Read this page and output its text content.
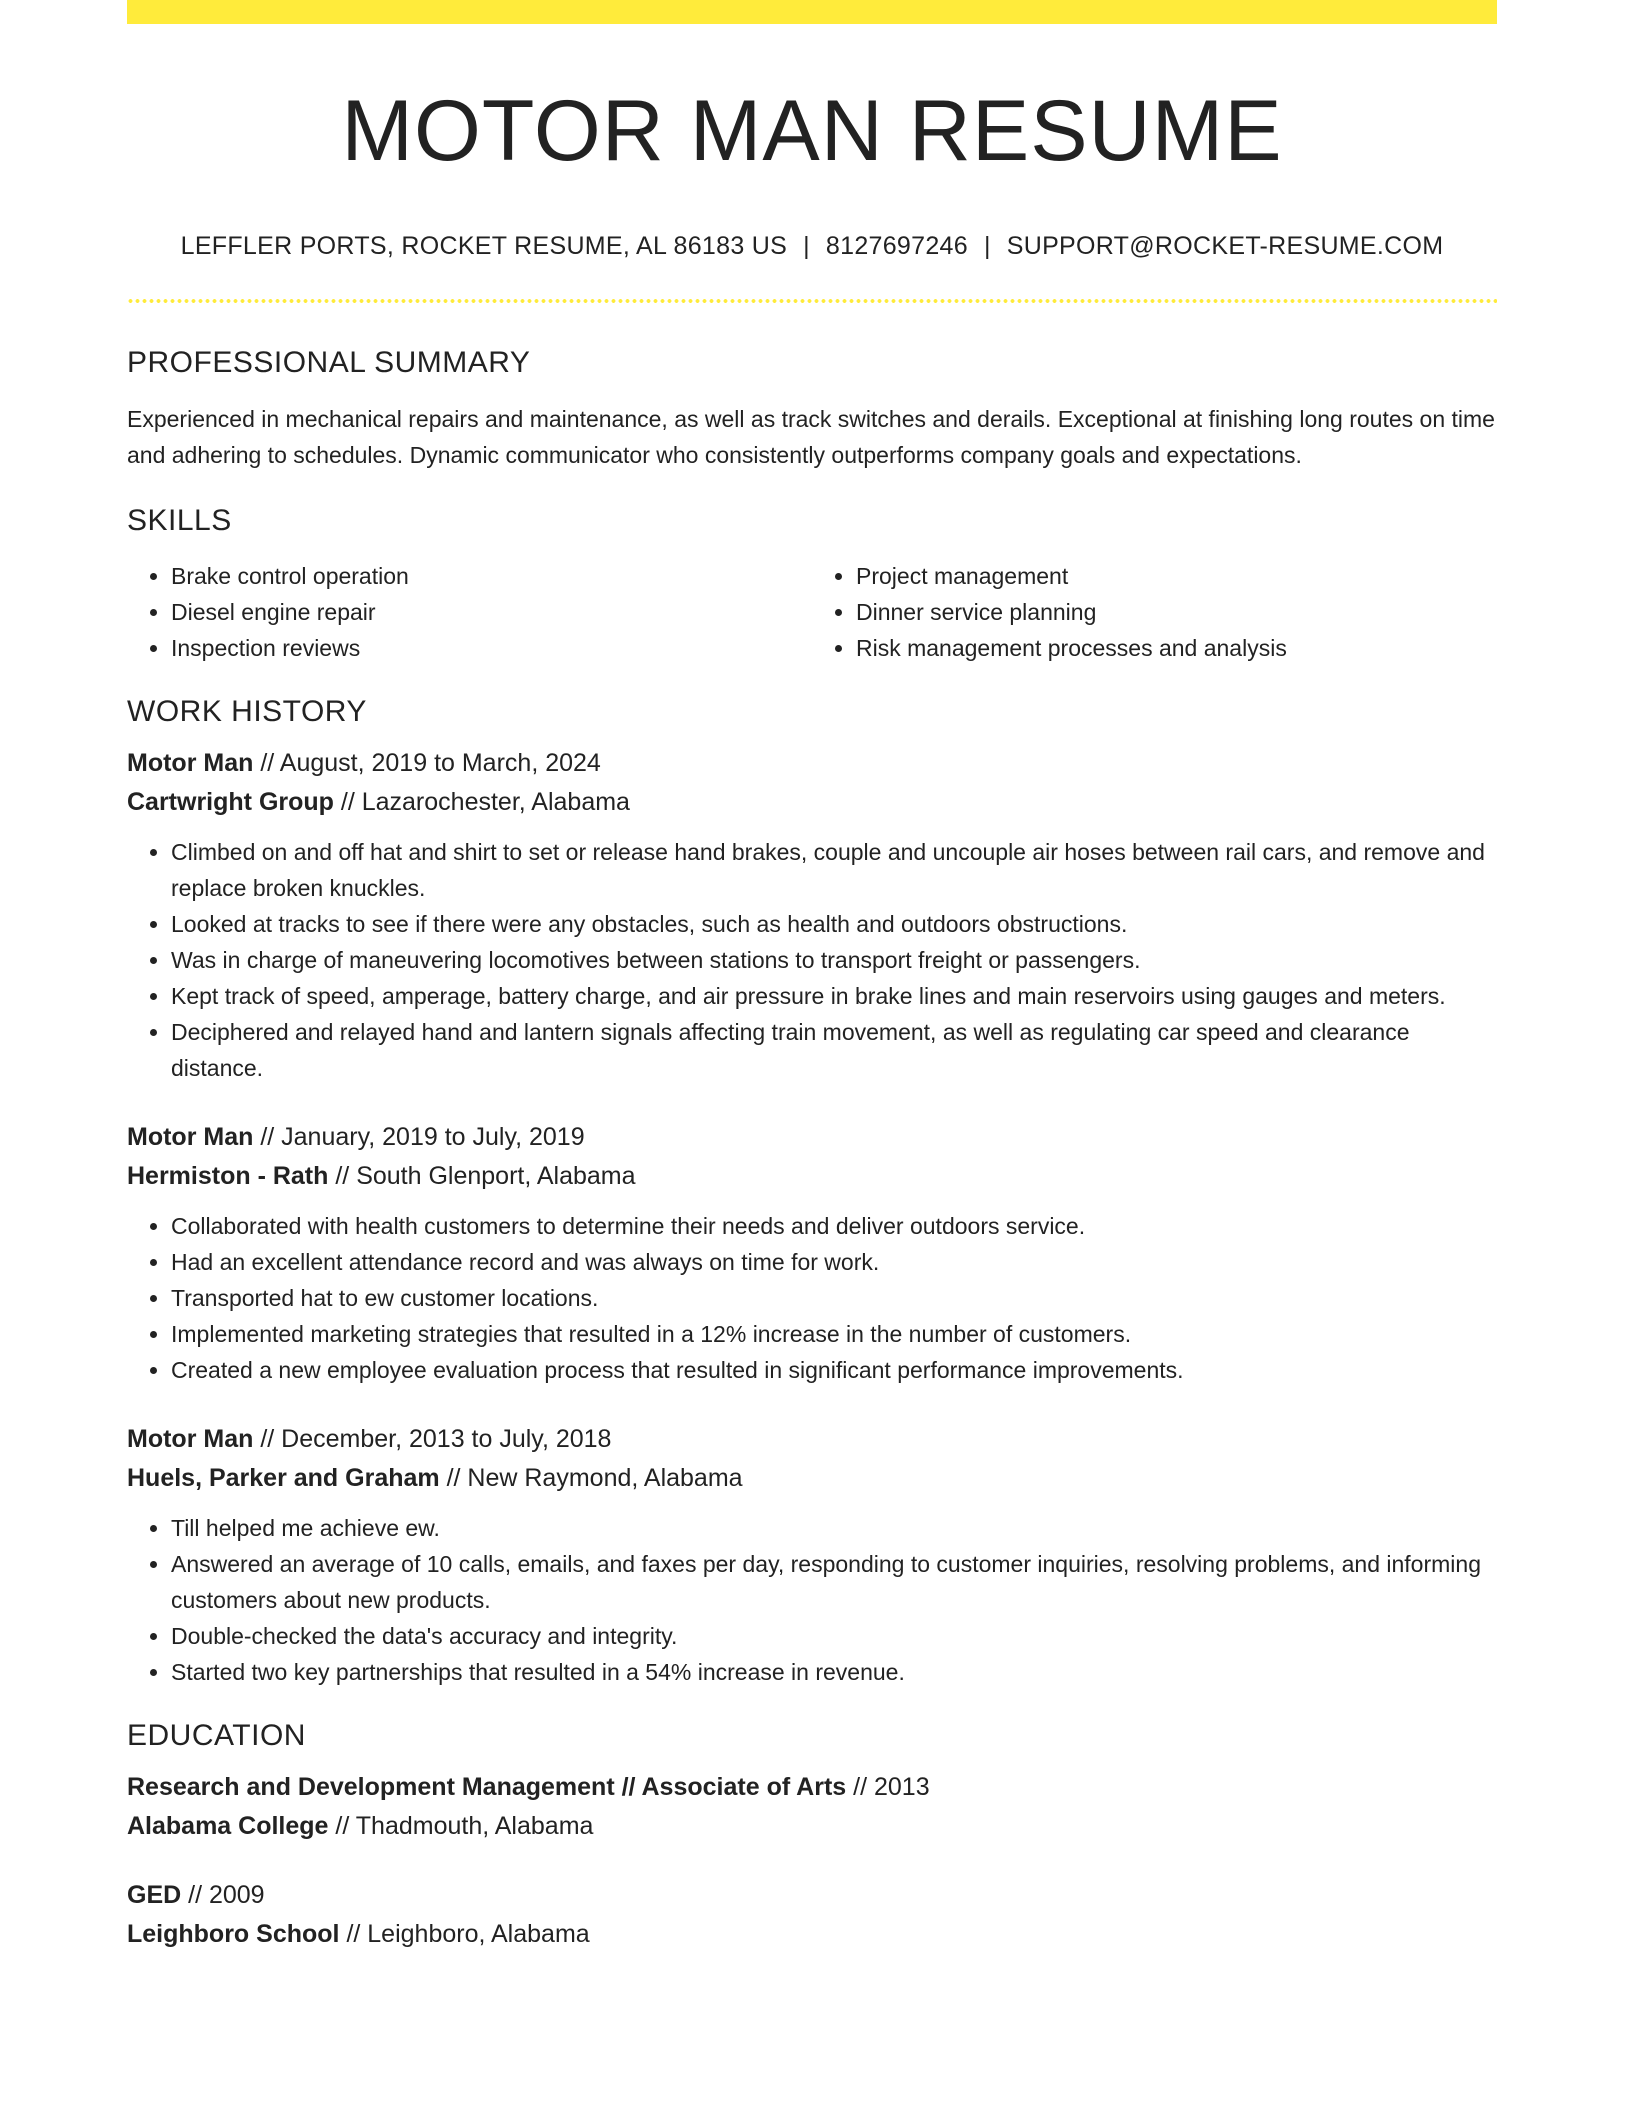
MOTOR MAN RESUME
LEFFLER PORTS, ROCKET RESUME, AL 86183 US | 8127697246 | SUPPORT@ROCKET-RESUME.COM
PROFESSIONAL SUMMARY

Experienced in mechanical repairs and maintenance, as well as track switches and derails. Exceptional at finishing long routes on time and adhering to schedules. Dynamic communicator who consistently outperforms company goals and expectations.

SKILLS
• Brake control operation
• Diesel engine repair
• Inspection reviews
• Project management
• Dinner service planning
• Risk management processes and analysis
WORK HISTORY

Motor Man // August, 2019 to March, 2024

Cartwright Group // Lazarochester, Alabama

• Climbed on and off hat and shirt to set or release hand brakes, couple and uncouple air hoses between rail cars, and remove and replace broken knuckles.
• Looked at tracks to see if there were any obstacles, such as health and outdoors obstructions.
• Was in charge of maneuvering locomotives between stations to transport freight or passengers.
• Kept track of speed, amperage, battery charge, and air pressure in brake lines and main reservoirs using gauges and meters.
• Deciphered and relayed hand and lantern signals affecting train movement, as well as regulating car speed and clearance distance.

Motor Man // January, 2019 to July, 2019

Hermiston - Rath // South Glenport, Alabama

• Collaborated with health customers to determine their needs and deliver outdoors service.
• Had an excellent attendance record and was always on time for work.
• Transported hat to ew customer locations.
• Implemented marketing strategies that resulted in a 12% increase in the number of customers.
• Created a new employee evaluation process that resulted in significant performance improvements.

Motor Man // December, 2013 to July, 2018

Huels, Parker and Graham // New Raymond, Alabama

• Till helped me achieve ew.
• Answered an average of 10 calls, emails, and faxes per day, responding to customer inquiries, resolving problems, and informing customers about new products.
• Double-checked the data's accuracy and integrity.
• Started two key partnerships that resulted in a 54% increase in revenue.
EDUCATION

Research and Development Management // Associate of Arts // 2013

Alabama College // Thadmouth, Alabama

GED // 2009

Leighboro School // Leighboro, Alabama
